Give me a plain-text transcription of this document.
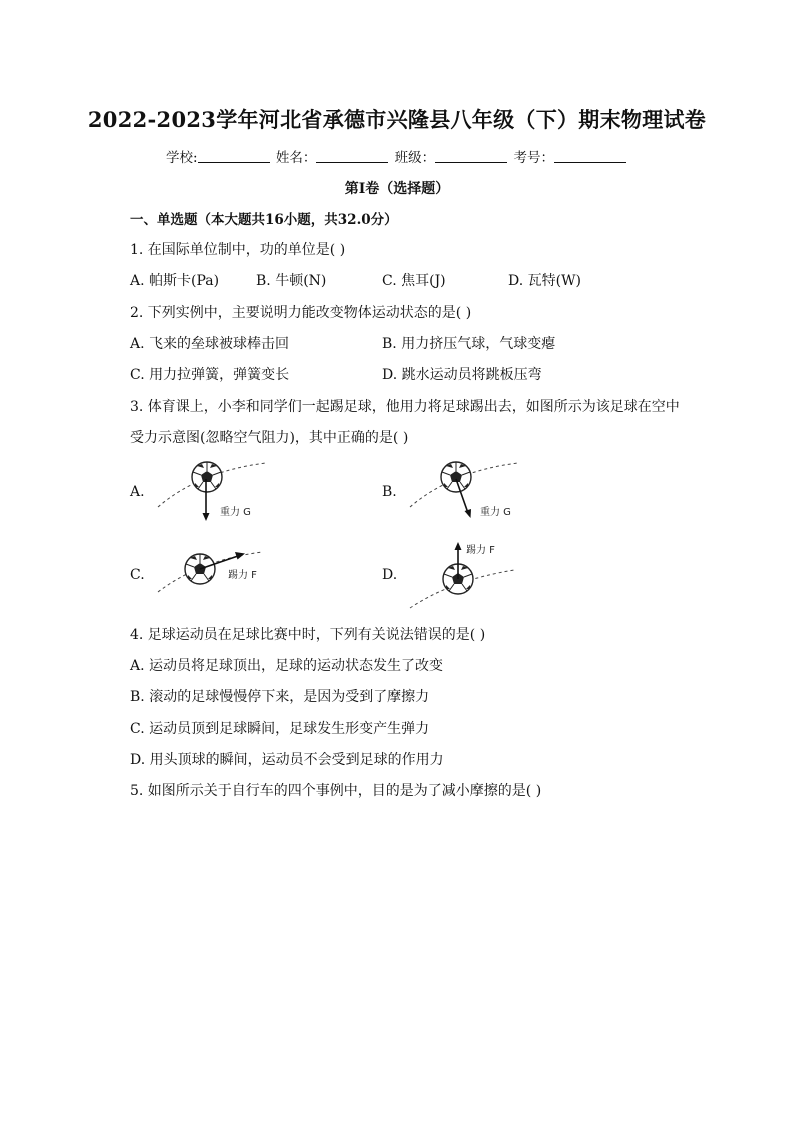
2022-2023学年河北省承德市兴隆县八年级（下）期末物理试卷
学校:	姓名：	班级：	考号：
第I卷（选择题）
一、单选题（本大题共16小题，共32.0分）
1. 在国际单位制中，功的单位是( )
A. 帕斯卡(Pa)	B. 牛顿(N)	C. 焦耳(J)	D. 瓦特(W)
2. 下列实例中，主要说明力能改变物体运动状态的是( )
A. 飞来的垒球被球棒击回	B. 用力挤压气球，气球变瘪
C. 用力拉弹簧，弹簧变长	D. 跳水运动员将跳板压弯
3. 体育课上，小李和同学们一起踢足球，他用力将足球踢出去，如图所示为该足球在空中
受力示意图(忽略空气阻力)，其中正确的是( )
A.
重力 G
B.
重力 G
C.	踢力 F	D.
踢力 F
4. 足球运动员在足球比赛中时，下列有关说法错误的是( )
A. 运动员将足球顶出，足球的运动状态发生了改变
B. 滚动的足球慢慢停下来，是因为受到了摩擦力
C. 运动员顶到足球瞬间，足球发生形变产生弹力
D. 用头顶球的瞬间，运动员不会受到足球的作用力
5. 如图所示关于自行车的四个事例中，目的是为了减小摩擦的是( )
